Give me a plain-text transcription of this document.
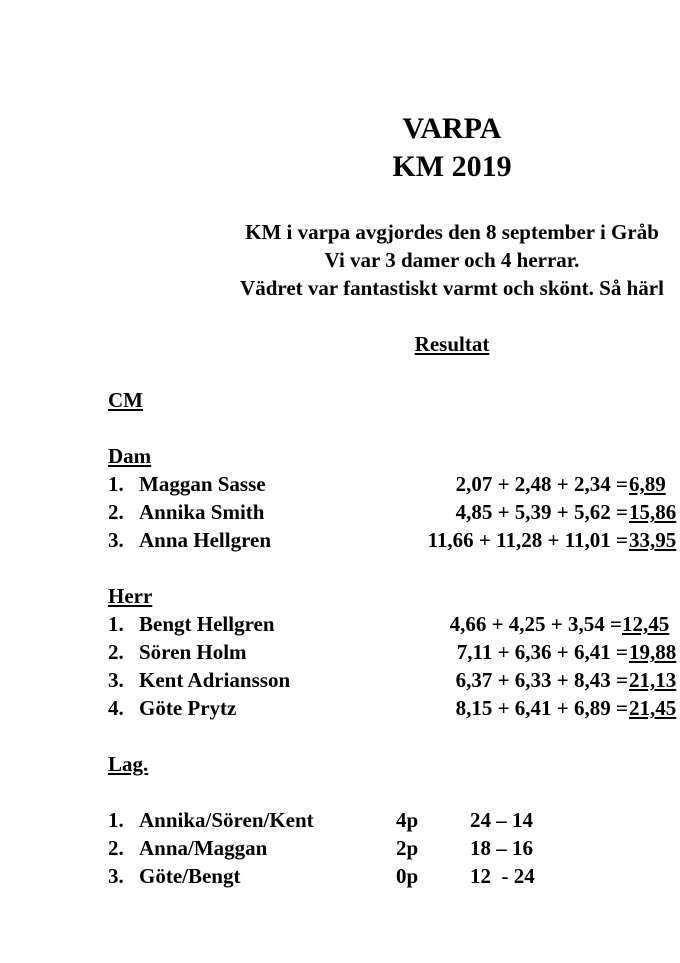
VARPA
KM 2019
KM i varpa avgjordes den 8 september i Gråb
Vi var 3 damer och 4 herrar.
Vädret var fantastiskt varmt och skönt. Så härl
Resultat
CM
Dam
1. Maggan Sasse	2,07 + 2,48 + 2,34 = 6,89
2. Annika Smith	4,85 + 5,39 + 5,62 = 15,86
3. Anna Hellgren	11,66 + 11,28 + 11,01 = 33,95
Herr
1. Bengt Hellgren	4,66 + 4,25 + 3,54 = 12,45
2. Sören Holm	7,11 + 6,36 + 6,41 = 19,88
3. Kent Adriansson	6,37 + 6,33 + 8,43 = 21,13
4. Göte Prytz	8,15 + 6,41 + 6,89 = 21,45
Lag.
1. Annika/Sören/Kent	4p 24 – 14
2. Anna/Maggan	2p 18 – 16
3. Göte/Bengt	0p 12  - 24
